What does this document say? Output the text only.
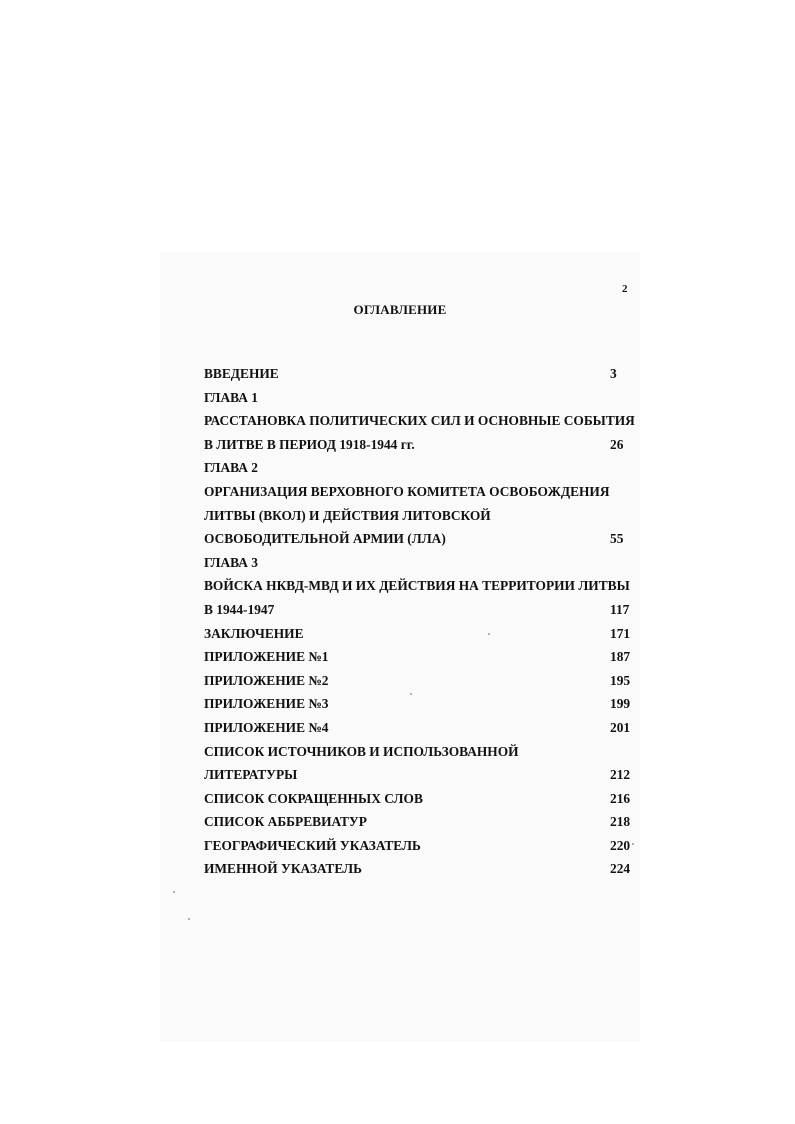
2
ОГЛАВЛЕНИЕ
ВВЕДЕНИЕ	3
ГЛАВА 1
РАССТАНОВКА ПОЛИТИЧЕСКИХ СИЛ И ОСНОВНЫЕ СОБЫТИЯ
В ЛИТВЕ В ПЕРИОД 1918-1944 гг.	26
ГЛАВА 2
ОРГАНИЗАЦИЯ ВЕРХОВНОГО КОМИТЕТА ОСВОБОЖДЕНИЯ
ЛИТВЫ (ВКОЛ) И ДЕЙСТВИЯ ЛИТОВСКОЙ
ОСВОБОДИТЕЛЬНОЙ АРМИИ (ЛЛА)	55
ГЛАВА 3
ВОЙСКА НКВД-МВД И ИХ ДЕЙСТВИЯ НА ТЕРРИТОРИИ ЛИТВЫ
В 1944-1947	117
ЗАКЛЮЧЕНИЕ	171
ПРИЛОЖЕНИЕ №1	187
ПРИЛОЖЕНИЕ №2	195
ПРИЛОЖЕНИЕ №3	199
ПРИЛОЖЕНИЕ №4	201
СПИСОК ИСТОЧНИКОВ И ИСПОЛЬЗОВАННОЙ
ЛИТЕРАТУРЫ	212
СПИСОК СОКРАЩЕННЫХ СЛОВ	216
СПИСОК АББРЕВИАТУР	218
ГЕОГРАФИЧЕСКИЙ УКАЗАТЕЛЬ	220
ИМЕННОЙ УКАЗАТЕЛЬ	224
